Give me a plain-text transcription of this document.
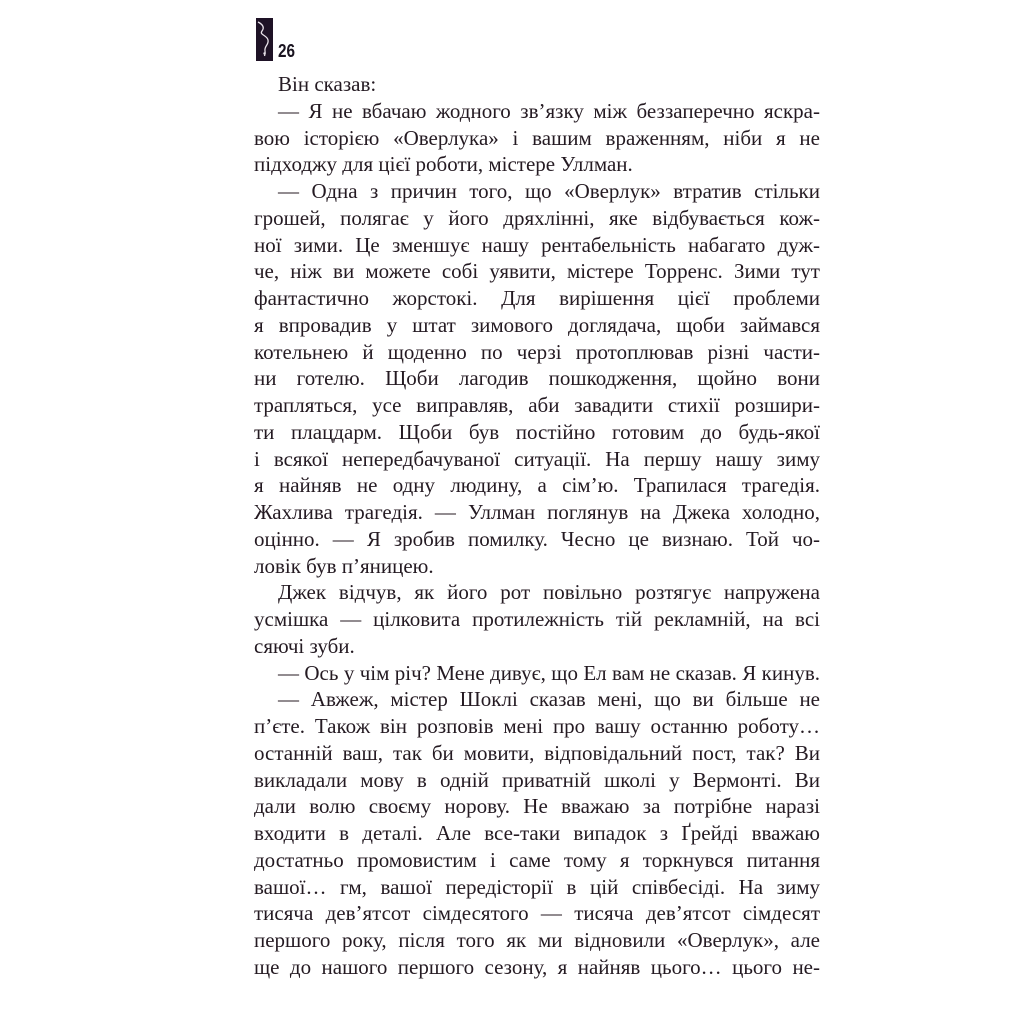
26
Він сказав:
— Я не вбачаю жодного зв’язку між беззаперечно яскра-
вою історією «Оверлука» і вашим враженням, ніби я не
підходжу для цієї роботи, містере Уллман.
— Одна з причин того, що «Оверлук» втратив стільки
грошей, полягає у його дряхлінні, яке відбувається кож-
ної зими. Це зменшує нашу рентабельність набагато дуж-
че, ніж ви можете собі уявити, містере Торренс. Зими тут
фантастично жорстокі. Для вирішення цієї проблеми
я впровадив у штат зимового доглядача, щоби займався
котельнею й щоденно по черзі протоплював різні части-
ни готелю. Щоби лагодив пошкодження, щойно вони
трапляться, усе виправляв, аби завадити стихії розшири-
ти плацдарм. Щоби був постійно готовим до будь-якої
і всякої непередбачуваної ситуації. На першу нашу зиму
я найняв не одну людину, а сім’ю. Трапилася трагедія.
Жахлива трагедія. — Уллман поглянув на Джека холодно,
оцінно. — Я зробив помилку. Чесно це визнаю. Той чо-
ловік був п’яницею.
Джек відчув, як його рот повільно розтягує напружена
усмішка — цілковита протилежність тій рекламній, на всі
сяючі зуби.
— Ось у чім річ? Мене дивує, що Ел вам не сказав. Я кинув.
— Авжеж, містер Шоклі сказав мені, що ви більше не
п’єте. Також він розповів мені про вашу останню роботу…
останній ваш, так би мовити, відповідальний пост, так? Ви
викладали мову в одній приватній школі у Вермонті. Ви
дали волю своєму норову. Не вважаю за потрібне наразі
входити в деталі. Але все-таки випадок з Ґрейді вважаю
достатньо промовистим і саме тому я торкнувся питання
вашої… гм, вашої передісторії в цій співбесіді. На зиму
тисяча дев’ятсот сімдесятого — тисяча дев’ятсот сімдесят
першого року, після того як ми відновили «Оверлук», але
ще до нашого першого сезону, я найняв цього… цього не-
